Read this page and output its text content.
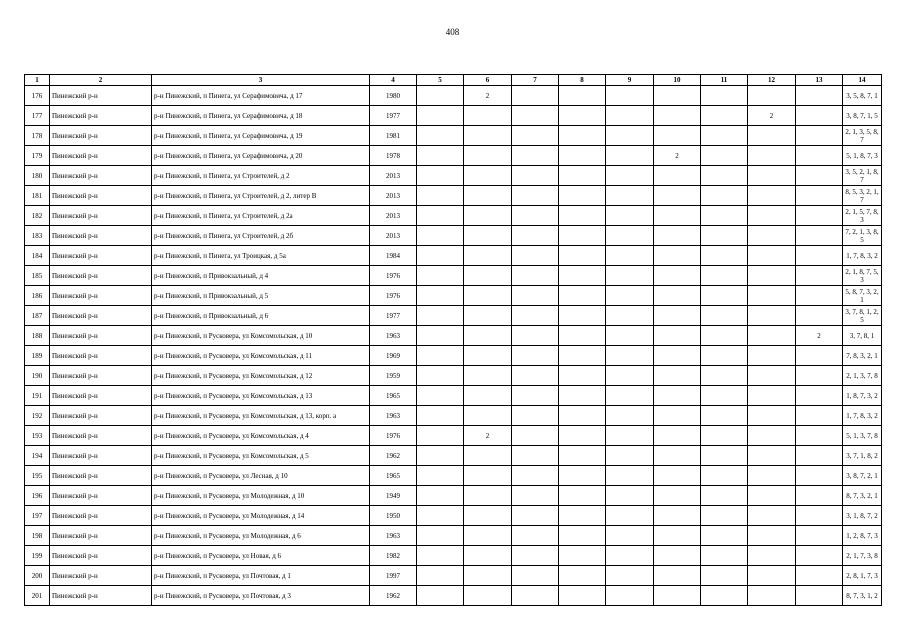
408
1	2	3	4	5	6	7	8	9	10	11	12	13	14
176	Пинежский р-н	р-н Пинежский, п Пинега, ул Серафимовича, д 17	1980		2								3, 5, 8, 7, 1
177	Пинежский р-н	р-н Пинежский, п Пинега, ул Серафимовича, д 18	1977								2		3, 8, 7, 1, 5
178	Пинежский р-н	р-н Пинежский, п Пинега, ул Серафимовича, д 19	1981										2, 1, 3, 5, 8, 7
179	Пинежский р-н	р-н Пинежский, п Пинега, ул Серафимовича, д 20	1978						2				5, 1, 8, 7, 3
180	Пинежский р-н	р-н Пинежский, п Пинега, ул Строителей, д 2	2013										3, 5, 2, 1, 8, 7
181	Пинежский р-н	р-н Пинежский, п Пинега, ул Строителей, д 2, литер В	2013										8, 5, 3, 2, 1, 7
182	Пинежский р-н	р-н Пинежский, п Пинега, ул Строителей, д 2а	2013										2, 1, 5, 7, 8, 3
183	Пинежский р-н	р-н Пинежский, п Пинега, ул Строителей, д 2б	2013										7, 2, 1, 3, 8, 5
184	Пинежский р-н	р-н Пинежский, п Пинега, ул Троицкая, д 5а	1984										1, 7, 8, 3, 2
185	Пинежский р-н	р-н Пинежский, п Привокзальный, д 4	1976										2, 1, 8, 7, 5, 3
186	Пинежский р-н	р-н Пинежский, п Привокзальный, д 5	1976										5, 8, 7, 3, 2, 1
187	Пинежский р-н	р-н Пинежский, п Привокзальный, д 6	1977										3, 7, 8, 1, 2, 5
188	Пинежский р-н	р-н Пинежский, п Русковера, ул Комсомольская, д 10	1963									2	3, 7, 8, 1
189	Пинежский р-н	р-н Пинежский, п Русковера, ул Комсомольская, д 11	1969										7, 8, 3, 2, 1
190	Пинежский р-н	р-н Пинежский, п Русковера, ул Комсомольская, д 12	1959										2, 1, 3, 7, 8
191	Пинежский р-н	р-н Пинежский, п Русковера, ул Комсомольская, д 13	1965										1, 8, 7, 3, 2
192	Пинежский р-н	р-н Пинежский, п Русковера, ул Комсомольская, д 13, корп. а	1963										1, 7, 8, 3, 2
193	Пинежский р-н	р-н Пинежский, п Русковера, ул Комсомольская, д 4	1976		2								5, 1, 3, 7, 8
194	Пинежский р-н	р-н Пинежский, п Русковера, ул Комсомольская, д 5	1962										3, 7, 1, 8, 2
195	Пинежский р-н	р-н Пинежский, п Русковера, ул Лесная, д 10	1965										3, 8, 7, 2, 1
196	Пинежский р-н	р-н Пинежский, п Русковера, ул Молодежная, д 10	1949										8, 7, 3, 2, 1
197	Пинежский р-н	р-н Пинежский, п Русковера, ул Молодежная, д 14	1950										3, 1, 8, 7, 2
198	Пинежский р-н	р-н Пинежский, п Русковера, ул Молодежная, д 6	1963										1, 2, 8, 7, 3
199	Пинежский р-н	р-н Пинежский, п Русковера, ул Новая, д 6	1982										2, 1, 7, 3, 8
200	Пинежский р-н	р-н Пинежский, п Русковера, ул Почтовая, д 1	1997										2, 8, 1, 7, 3
201	Пинежский р-н	р-н Пинежский, п Русковера, ул Почтовая, д 3	1962										8, 7, 3, 1, 2
